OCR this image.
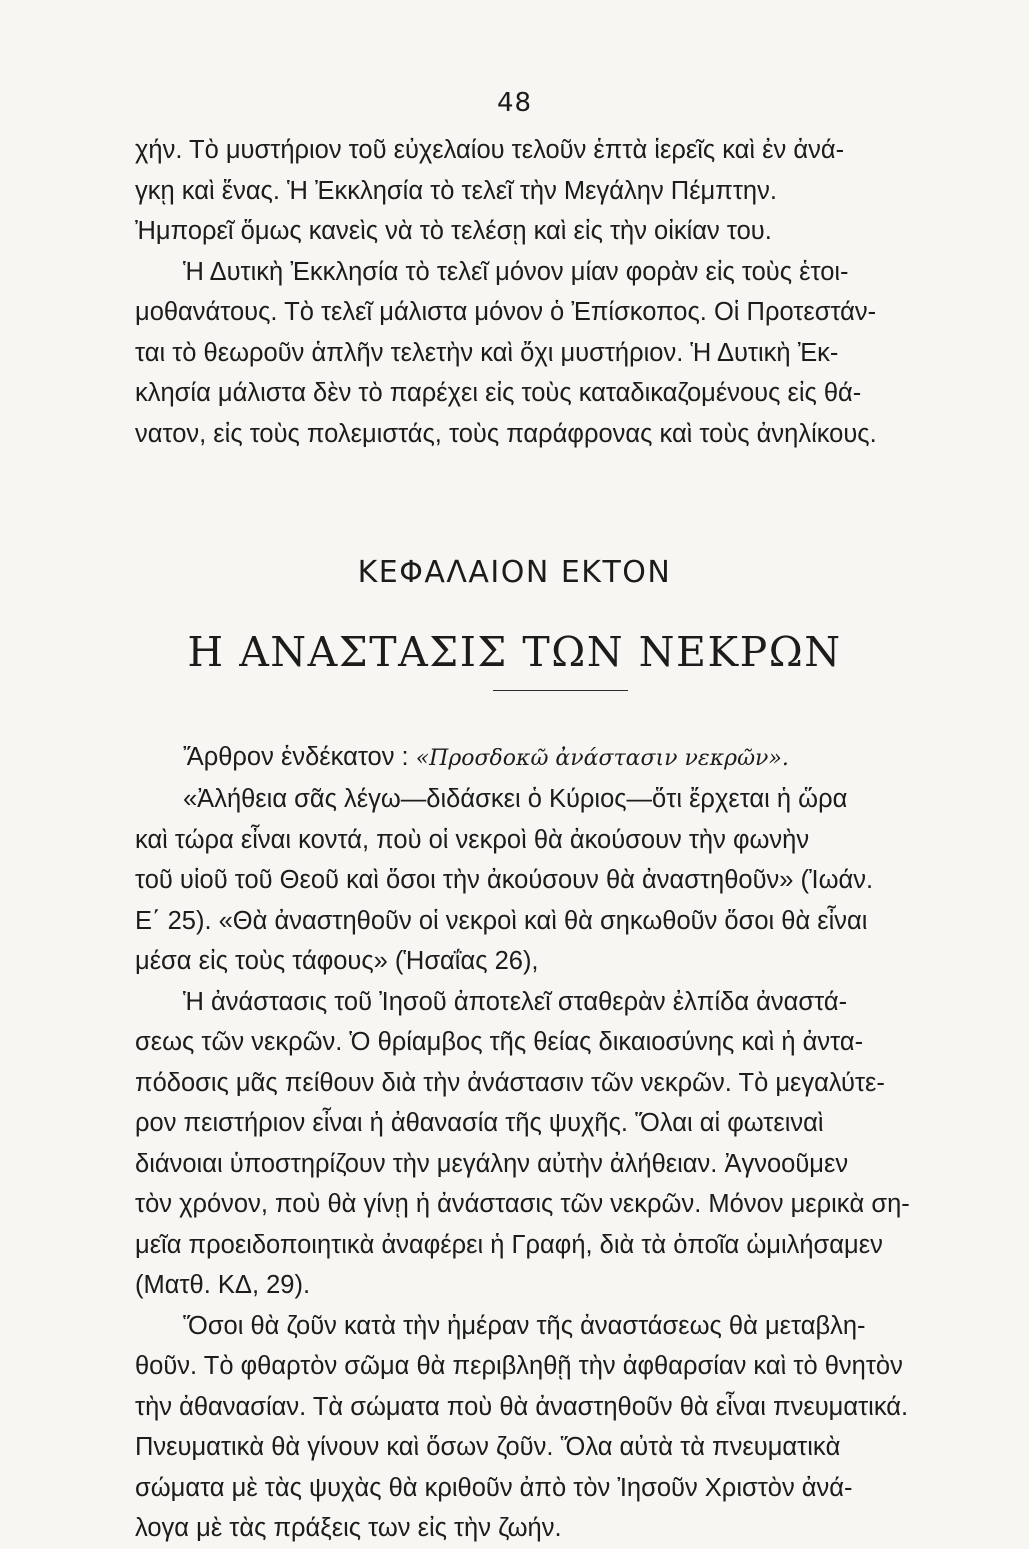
48

χήν. Τὸ μυστήριον τοῦ εὐχελαίου τελοῦν ἑπτὰ ἱερεῖς καὶ ἐν ἀνά-
γκῃ καὶ ἕνας. Ἡ Ἐκκλησία τὸ τελεῖ τὴν Μεγάλην Πέμπτην.
Ἠμπορεῖ ὅμως κανεὶς νὰ τὸ τελέσῃ καὶ εἰς τὴν οἰκίαν του.

Ἡ Δυτικὴ Ἐκκλησία τὸ τελεῖ μόνον μίαν φορὰν εἰς τοὺς ἑτοι-
μοθανάτους. Τὸ τελεῖ μάλιστα μόνον ὁ Ἐπίσκοπος. Οἱ Προτεστάν-
ται τὸ θεωροῦν ἁπλῆν τελετὴν καὶ ὄχι μυστήριον. Ἡ Δυτικὴ Ἐκ-
κλησία μάλιστα δὲν τὸ παρέχει εἰς τοὺς καταδικαζομένους εἰς θά-
νατον, εἰς τοὺς πολεμιστάς, τοὺς παράφρονας καὶ τοὺς ἀνηλίκους.

ΚΕΦΑΛΑΙΟΝ ΕΚΤΟΝ
Η ΑΝΑΣΤΑΣΙΣ ΤΩΝ ΝΕΚΡΩΝ

Ἄρθρον ἑνδέκατον : «Προσδοκῶ ἀνάστασιν νεκρῶν».

«Ἀλήθεια σᾶς λέγω—διδάσκει ὁ Κύριος—ὅτι ἔρχεται ἡ ὥρα
καὶ τώρα εἶναι κοντά, ποὺ οἱ νεκροὶ θὰ ἀκούσουν τὴν φωνὴν
τοῦ υἱοῦ τοῦ Θεοῦ καὶ ὅσοι τὴν ἀκούσουν θὰ ἀναστηθοῦν» (Ἰωάν.
Ε΄ 25). «Θὰ ἀναστηθοῦν οἱ νεκροὶ καὶ θὰ σηκωθοῦν ὅσοι θὰ εἶναι
μέσα εἰς τοὺς τάφους» (Ἡσαΐας 26),

Ἡ ἀνάστασις τοῦ Ἰησοῦ ἀποτελεῖ σταθερὰν ἐλπίδα ἀναστά-
σεως τῶν νεκρῶν. Ὁ θρίαμβος τῆς θείας δικαιοσύνης καὶ ἡ ἀντα-
πόδοσις μᾶς πείθουν διὰ τὴν ἀνάστασιν τῶν νεκρῶν. Τὸ μεγαλύτε-
ρον πειστήριον εἶναι ἡ ἀθανασία τῆς ψυχῆς. Ὅλαι αἱ φωτειναὶ
διάνοιαι ὑποστηρίζουν τὴν μεγάλην αὐτὴν ἀλήθειαν. Ἀγνοοῦμεν
τὸν χρόνον, ποὺ θὰ γίνῃ ἡ ἀνάστασις τῶν νεκρῶν. Μόνον μερικὰ ση-
μεῖα προειδοποιητικὰ ἀναφέρει ἡ Γραφή, διὰ τὰ ὁποῖα ὡμιλήσαμεν
(Ματθ. ΚΔ, 29).

Ὅσοι θὰ ζοῦν κατὰ τὴν ἡμέραν τῆς ἀναστάσεως θὰ μεταβλη-
θοῦν. Τὸ φθαρτὸν σῶμα θὰ περιβληθῇ τὴν ἀφθαρσίαν καὶ τὸ θνητὸν
τὴν ἀθανασίαν. Τὰ σώματα ποὺ θὰ ἀναστηθοῦν θὰ εἶναι πνευματικά.
Πνευματικὰ θὰ γίνουν καὶ ὅσων ζοῦν. Ὅλα αὐτὰ τὰ πνευματικὰ
σώματα μὲ τὰς ψυχὰς θὰ κριθοῦν ἀπὸ τὸν Ἰησοῦν Χριστὸν ἀνά-
λογα μὲ τὰς πράξεις των εἰς τὴν ζωήν.
